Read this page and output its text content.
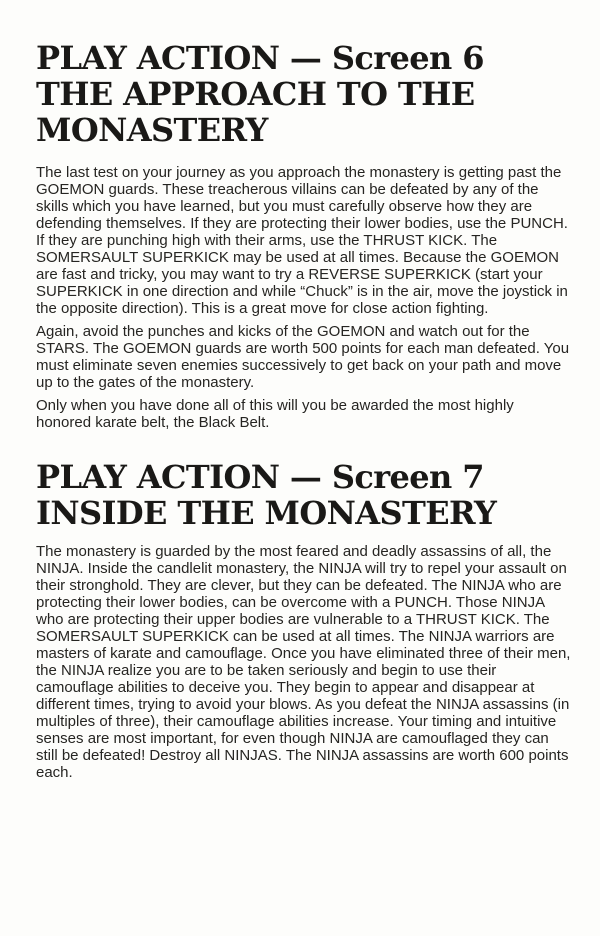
PLAY ACTION — Screen 6
THE APPROACH TO THE
MONASTERY

The last test on your journey as you approach the monastery is getting past the GOEMON guards. These treacherous villains can be defeated by any of the skills which you have learned, but you must carefully observe how they are defending themselves. If they are protecting their lower bodies, use the PUNCH. If they are punching high with their arms, use the THRUST KICK. The SOMERSAULT SUPERKICK may be used at all times. Because the GOEMON are fast and tricky, you may want to try a REVERSE SUPERKICK (start your SUPERKICK in one direction and while “Chuck” is in the air, move the joystick in the opposite direction). This is a great move for close action fighting.

Again, avoid the punches and kicks of the GOEMON and watch out for the STARS. The GOEMON guards are worth 500 points for each man defeated. You must eliminate seven enemies successively to get back on your path and move up to the gates of the monastery.

Only when you have done all of this will you be awarded the most highly honored karate belt, the Black Belt.

PLAY ACTION — Screen 7
INSIDE THE MONASTERY

The monastery is guarded by the most feared and deadly assassins of all, the NINJA. Inside the candlelit monastery, the NINJA will try to repel your assault on their stronghold. They are clever, but they can be defeated. The NINJA who are protecting their lower bodies, can be overcome with a PUNCH. Those NINJA who are protecting their upper bodies are vulnerable to a THRUST KICK. The SOMERSAULT SUPERKICK can be used at all times. The NINJA warriors are masters of karate and camouflage. Once you have eliminated three of their men, the NINJA realize you are to be taken seriously and begin to use their camouflage abilities to deceive you. They begin to appear and disappear at different times, trying to avoid your blows. As you defeat the NINJA assassins (in multiples of three), their camouflage abilities increase. Your timing and intuitive senses are most important, for even though NINJA are camouflaged they can still be defeated! Destroy all NINJAS. The NINJA assassins are worth 600 points each.
